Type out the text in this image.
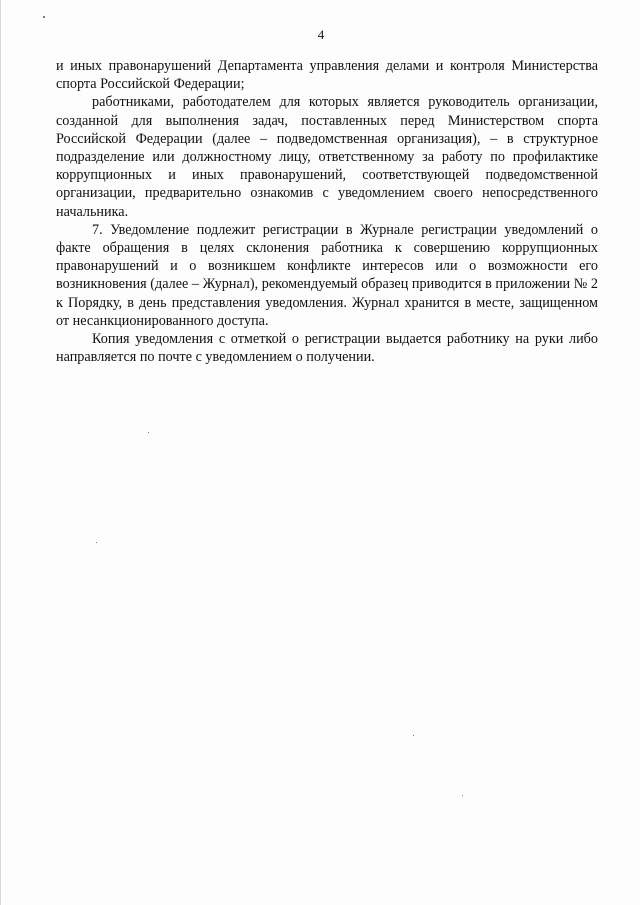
4

и иных правонарушений Департамента управления делами и контроля Министерства спорта Российской Федерации;

работниками, работодателем для которых является руководитель организации, созданной для выполнения задач, поставленных перед Министерством спорта Российской Федерации (далее – подведомственная организация), – в структурное подразделение или должностному лицу, ответственному за работу по профилактике коррупционных и иных правонарушений, соответствующей подведомственной организации, предварительно ознакомив с уведомлением своего непосредственного начальника.

7. Уведомление подлежит регистрации в Журнале регистрации уведомлений о факте обращения в целях склонения работника к совершению коррупционных правонарушений и о возникшем конфликте интересов или о возможности его возникновения (далее – Журнал), рекомендуемый образец приводится в приложении № 2 к Порядку, в день представления уведомления. Журнал хранится в месте, защищенном от несанкционированного доступа.

Копия уведомления с отметкой о регистрации выдается работнику на руки либо направляется по почте с уведомлением о получении.
